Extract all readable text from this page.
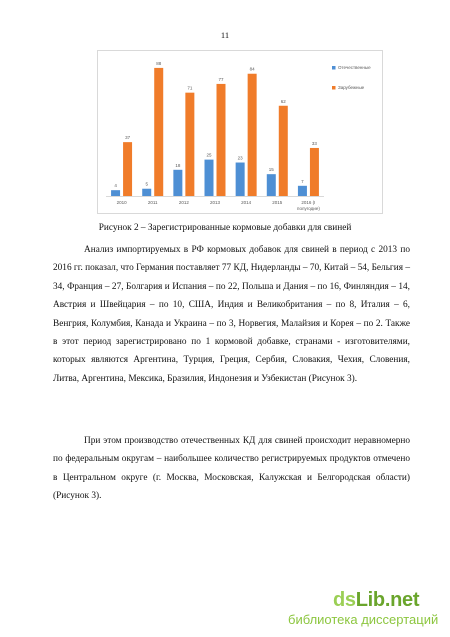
11
4
37
2010
5
88
2011
18
71
2012
25
77
2013
23
84
2014
15
62
2015
7
33
2016 (I
полугодие)
Отечественные
Зарубежные
Рисунок 2 – Зарегистрированные кормовые добавки для свиней

Анализ импортируемых в РФ кормовых добавок для свиней в период с 2013 по 2016 гг. показал, что Германия поставляет 77 КД, Нидерланды – 70, Китай – 54, Бельгия – 34, Франция – 27, Болгария и Испания – по 22, Польша и Дания – по 16, Финляндия – 14, Австрия и Швейцария – по 10, США, Индия и Великобритания – по 8, Италия – 6, Венгрия, Колумбия, Канада и Украина – по 3, Норвегия, Малайзия и Корея – по 2. Также в этот период зарегистрировано по 1 кормовой добавке, странами - изготовителями, которых являются Аргентина, Турция, Греция, Сербия, Словакия, Чехия, Словения, Литва, Аргентина, Мексика, Бразилия, Индонезия и Узбекистан (Рисунок 3).

При этом производство отечественных КД для свиней происходит неравномерно по федеральным округам – наибольшее количество регистрируемых продуктов отмечено в Центральном округе (г. Москва, Московская, Калужская и Белгородская области) (Рисунок 3).

dsLib.net
библиотека диссертаций
